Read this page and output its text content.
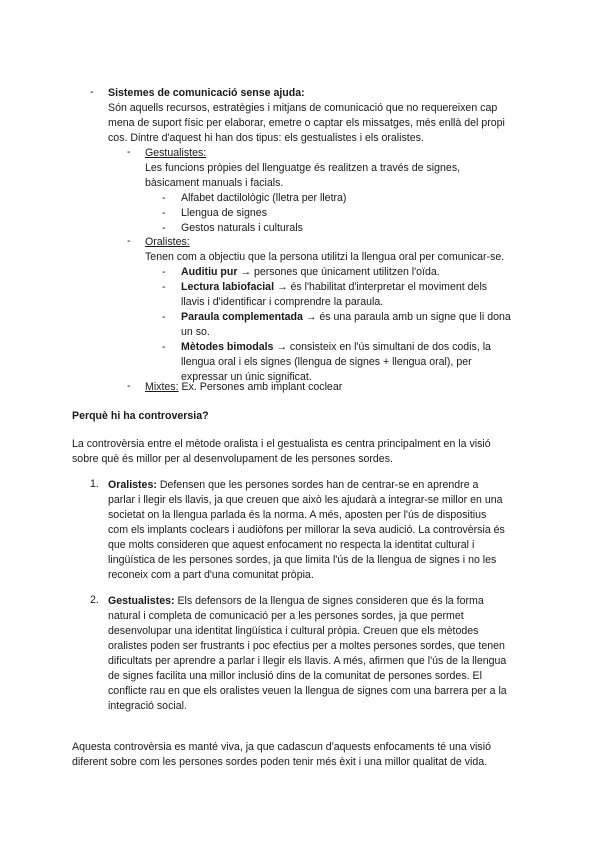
- Sistemes de comunicació sense ajuda:

Són aquells recursos, estratègies i mitjans de comunicació que no requereixen cap

mena de suport físic per elaborar, emetre o captar els missatges, més enllà del propi

cos. Dintre d'aquest hi han dos tipus: els gestualistes i els oralistes.

- Gestualistes:

Les funcions pròpies del llenguatge és realitzen a través de signes,

bàsicament manuals i facials.

- Alfabet dactilològic (lletra per lletra)
- Llengua de signes
- Gestos naturals i culturals
- Oralistes:

Tenen com a objectiu que la persona utilitzi la llengua oral per comunicar-se.

- Auditiu pur → persones que únicament utilitzen l'oïda.

- Lectura labiofacial → és l'habilitat d'interpretar el moviment dels

llavis i d'identificar i comprendre la paraula.

- Paraula complementada → és una paraula amb un signe que li dona

un so.

- Mètodes bimodals → consisteix en l'ús simultani de dos codis, la

llengua oral i els signes (llengua de signes + llengua oral), per

expressar un únic significat.

- Mixtes: Ex. Persones amb implant coclear

Perquè hi ha controversia?

La controvèrsia entre el mètode oralista i el gestualista es centra principalment en la visió

sobre què és millor per al desenvolupament de les persones sordes.

1. Oralistes: Defensen que les persones sordes han de centrar-se en aprendre a

parlar i llegir els llavis, ja que creuen que això les ajudarà a integrar-se millor en una

societat on la llengua parlada és la norma. A més, aposten per l'ús de dispositius

com els implants coclears i audiòfons per millorar la seva audició. La controvèrsia és

que molts consideren que aquest enfocament no respecta la identitat cultural i

lingüística de les persones sordes, ja que limita l'ús de la llengua de signes i no les

reconeix com a part d'una comunitat pròpia.

2. Gestualistes: Els defensors de la llengua de signes consideren que és la forma

natural i completa de comunicació per a les persones sordes, ja que permet

desenvolupar una identitat lingüística i cultural pròpia. Creuen que els mètodes

oralistes poden ser frustrants i poc efectius per a moltes persones sordes, que tenen

dificultats per aprendre a parlar i llegir els llavis. A més, afirmen que l'ús de la llengua

de signes facilita una millor inclusió dins de la comunitat de persones sordes. El

conflicte rau en que els oralistes veuen la llengua de signes com una barrera per a la

integració social.

Aquesta controvèrsia es manté viva, ja que cadascun d'aquests enfocaments té una visió

diferent sobre com les persones sordes poden tenir més èxit i una millor qualitat de vida.
